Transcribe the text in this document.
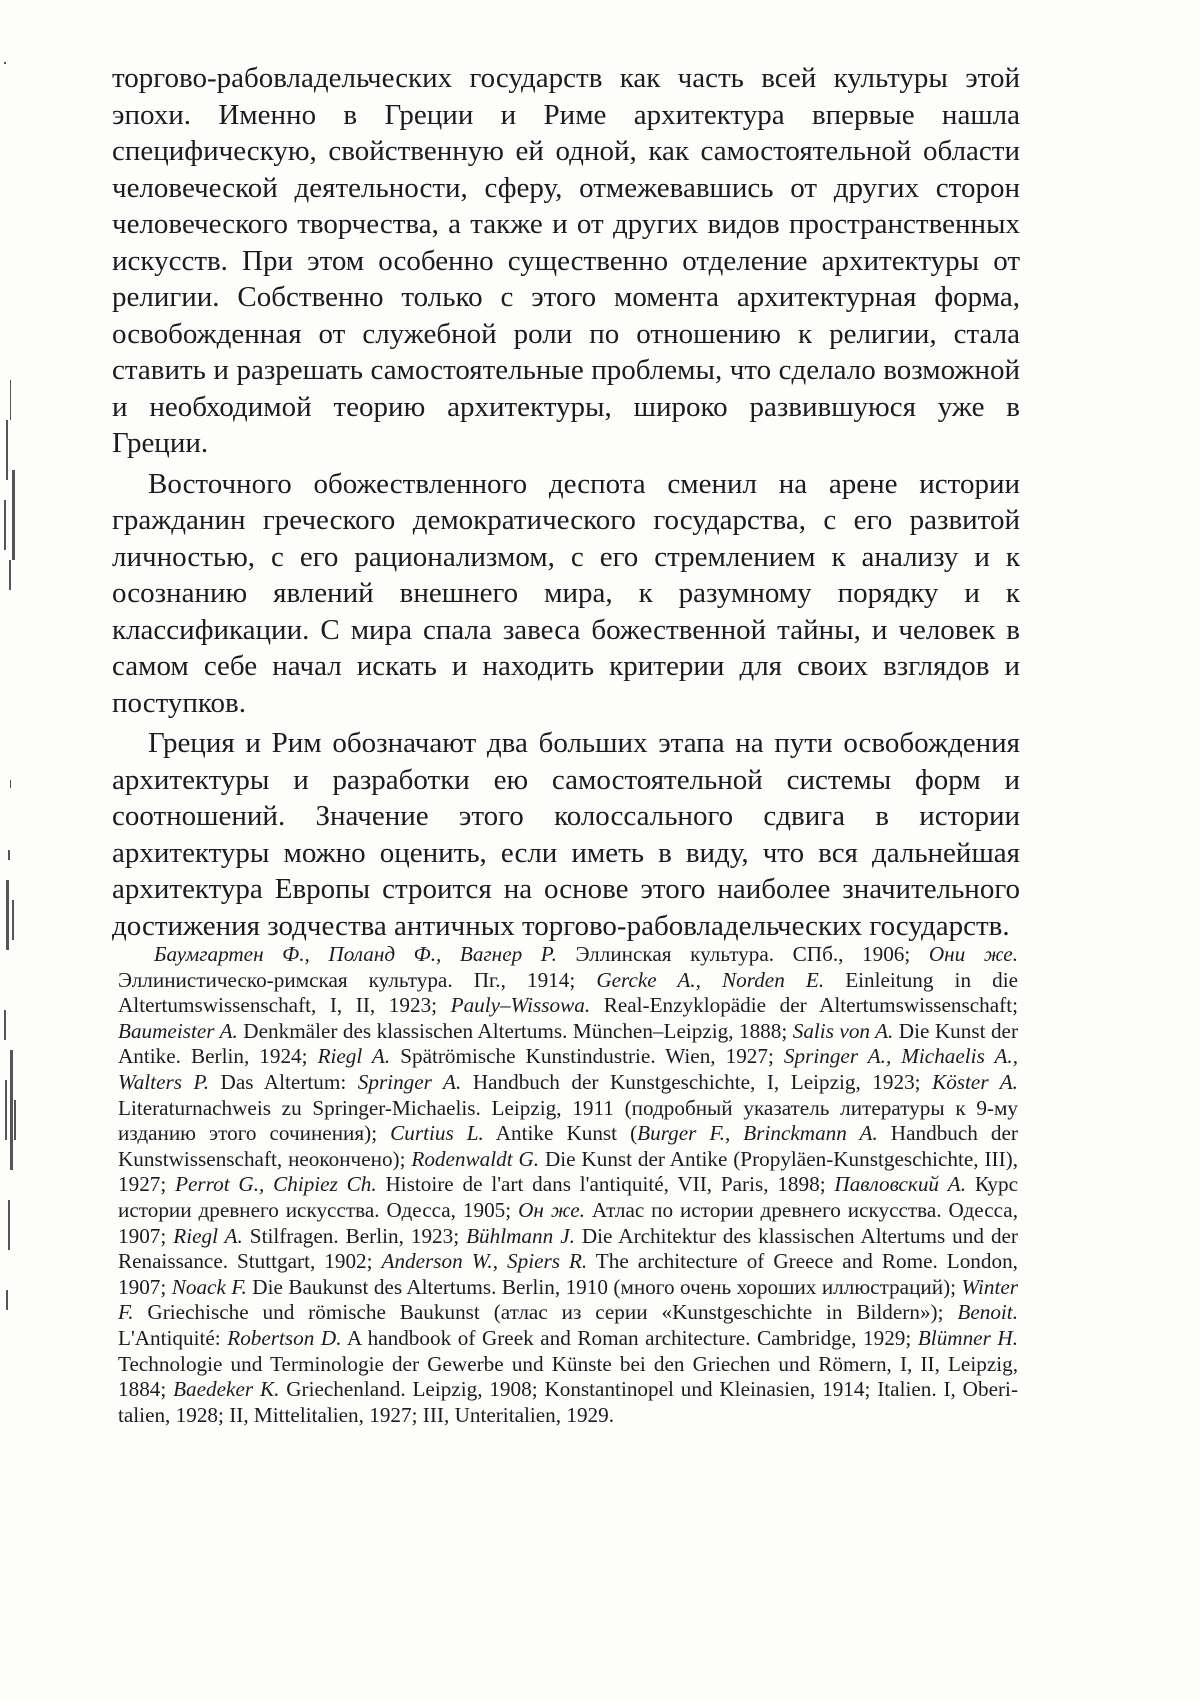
торгово-рабовладельческих государств как часть всей культуры этой эпохи. Именно в Греции и Риме архитектура впервые нашла специфическую, свойственную ей одной, как самостоятельной области человеческой деятельности, сферу, отмежевавшись от других сторон человеческого творчества, а также и от других видов пространственных искусств. При этом особенно существенно отделение архитектуры от религии. Собственно только с этого момента архитектурная форма, освобожденная от служебной роли по отношению к религии, стала ставить и разрешать самостоятельные проблемы, что сделало возможной и необходимой теорию архитектуры, широко развившуюся уже в Греции.

Восточного обожествленного деспота сменил на арене истории гражданин греческого демократического государства, с его развитой личностью, с его рационализмом, с его стремлением к анализу и к осознанию явлений внешнего мира, к разумному порядку и к классификации. С мира спала завеса божественной тайны, и человек в самом себе начал искать и находить критерии для своих взглядов и поступков.

Греция и Рим обозначают два больших этапа на пути освобождения архитектуры и разработки ею самостоятельной системы форм и соотношений. Значение этого колоссального сдвига в истории архитектуры можно оценить, если иметь в виду, что вся дальнейшая архитектура Европы строится на основе этого наиболее значительного достижения зодчества античных торгово-рабовладельческих государств.

Баумгартен Ф., Поланд Ф., Вагнер Р. Эллинская культура. СПб., 1906; Они же. Эллинистическо-римская культура. Пг., 1914; Gercke A., Norden E. Einleitung in die Altertumswissenschaft, I, II, 1923; Pauly–Wissowa. Real-Enzyklopädie der Altertumswissenschaft; Baumeister A. Denkmäler des klassischen Altertums. München–Leipzig, 1888; Salis von A. Die Kunst der Antike. Berlin, 1924; Riegl A. Spätrömische Kunstindustrie. Wien, 1927; Springer A., Michaelis A., Walters P. Das Altertum: Springer A. Handbuch der Kunstgeschichte, I, Leipzig, 1923; Köster A. Literaturnachweis zu Springer-Michaelis. Leipzig, 1911 (подробный указатель литературы к 9-му изданию этого сочинения); Curtius L. Antike Kunst (Burger F., Brinckmann A. Handbuch der Kunstwissenschaft, неокончено); Rodenwaldt G. Die Kunst der Antike (Propyläen-Kunstgeschichte, III), 1927; Perrot G., Chipiez Ch. Histoire de l'art dans l'antiquité, VII, Paris, 1898; Павловский А. Курс истории древнего искусства. Одесса, 1905; Он же. Атлас по истории древнего искусства. Одесса, 1907; Riegl A. Stilfragen. Berlin, 1923; Bühlmann J. Die Architektur des klassischen Altertums und der Renaissance. Stuttgart, 1902; Anderson W., Spiers R. The architecture of Greece and Rome. London, 1907; Noack F. Die Baukunst des Altertums. Berlin, 1910 (много очень хороших иллюстраций); Winter F. Griechische und römische Baukunst (атлас из серии «Kunstgeschichte in Bildern»); Benoit. L'Antiquité: Robertson D. A handbook of Greek and Roman architecture. Cambridge, 1929; Blümner H. Technologie und Terminologie der Gewerbe und Künste bei den Griechen und Römern, I, II, Leipzig, 1884; Baedeker K. Griechenland. Leipzig, 1908; Konstantinopel und Kleinasien, 1914; Italien. I, Oberitalien, 1928; II, Mittelitalien, 1927; III, Unteritalien, 1929.
